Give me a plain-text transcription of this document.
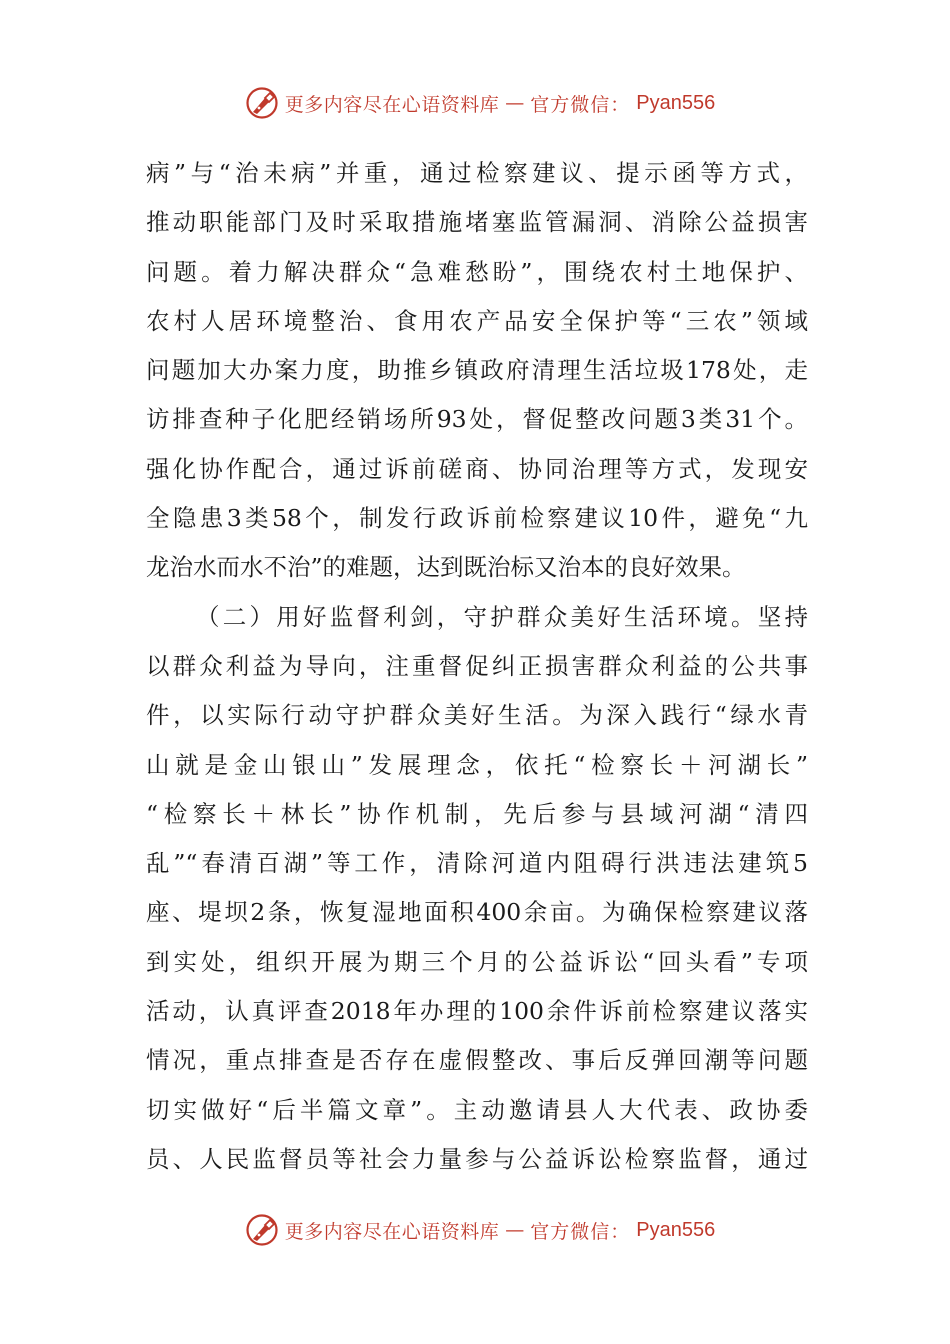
更多内容尽在心语资料库 — 官方微信： Pyan556
病”与“治未病”并重，通过检察建议、提示函等方式，
推动职能部门及时采取措施堵塞监管漏洞、消除公益损害
问题。着力解决群众“急难愁盼”，围绕农村土地保护、
农村人居环境整治、食用农产品安全保护等“三农”领域
问题加大办案力度，助推乡镇政府清理生活垃圾178处，走
访排查种子化肥经销场所93处，督促整改问题3类31个。
强化协作配合，通过诉前磋商、协同治理等方式，发现安
全隐患3类58个，制发行政诉前检察建议10件，避免“九
龙治水而水不治”的难题，达到既治标又治本的良好效果。
（二）用好监督利剑，守护群众美好生活环境。坚持
以群众利益为导向，注重督促纠正损害群众利益的公共事
件，以实际行动守护群众美好生活。为深入践行“绿水青
山就是金山银山”发展理念，依托“检察长＋河湖长”
“检察长＋林长”协作机制，先后参与县域河湖“清四
乱”“春清百湖”等工作，清除河道内阻碍行洪违法建筑5
座、堤坝2条，恢复湿地面积400余亩。为确保检察建议落
到实处，组织开展为期三个月的公益诉讼“回头看”专项
活动，认真评查2018年办理的100余件诉前检察建议落实
情况，重点排查是否存在虚假整改、事后反弹回潮等问题
切实做好“后半篇文章”。主动邀请县人大代表、政协委
员、人民监督员等社会力量参与公益诉讼检察监督，通过
更多内容尽在心语资料库 — 官方微信： Pyan556
